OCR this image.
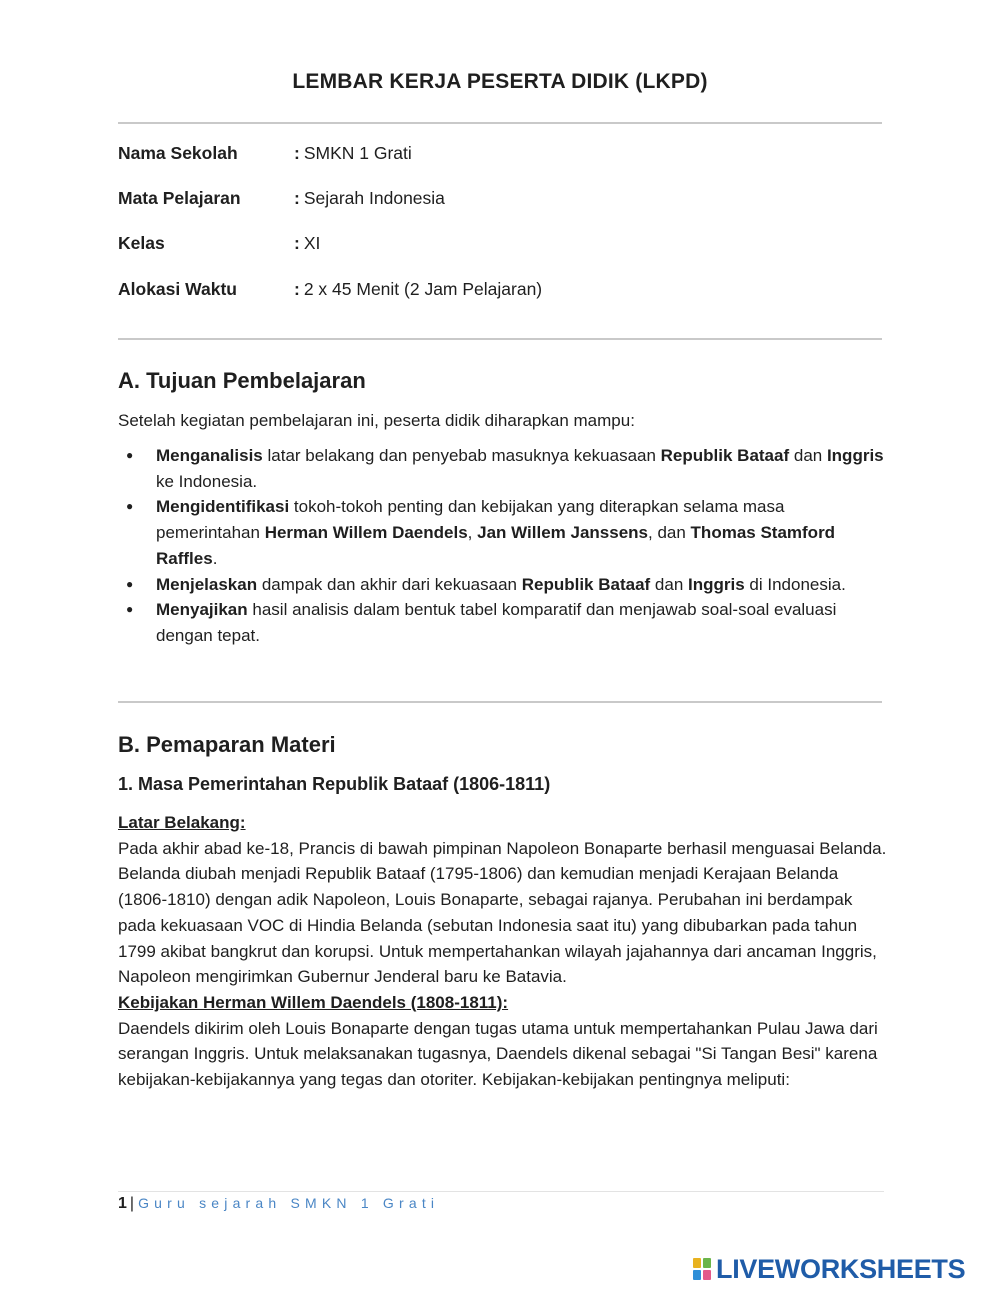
LEMBAR KERJA PESERTA DIDIK (LKPD)
Nama Sekolah	: SMKN 1 Grati
Mata Pelajaran	: Sejarah Indonesia
Kelas	: XI
Alokasi Waktu	: 2 x 45 Menit (2 Jam Pelajaran)
A. Tujuan Pembelajaran
Setelah kegiatan pembelajaran ini, peserta didik diharapkan mampu:
● Menganalisis latar belakang dan penyebab masuknya kekuasaan Republik Bataaf dan Inggris ke Indonesia.
● Mengidentifikasi tokoh-tokoh penting dan kebijakan yang diterapkan selama masa pemerintahan Herman Willem Daendels, Jan Willem Janssens, dan Thomas Stamford Raffles.
● Menjelaskan dampak dan akhir dari kekuasaan Republik Bataaf dan Inggris di Indonesia.
● Menyajikan hasil analisis dalam bentuk tabel komparatif dan menjawab soal-soal evaluasi dengan tepat.
B. Pemaparan Materi
1. Masa Pemerintahan Republik Bataaf (1806-1811)
Latar Belakang:
Pada akhir abad ke-18, Prancis di bawah pimpinan Napoleon Bonaparte berhasil menguasai Belanda. Belanda diubah menjadi Republik Bataaf (1795-1806) dan kemudian menjadi Kerajaan Belanda (1806-1810) dengan adik Napoleon, Louis Bonaparte, sebagai rajanya. Perubahan ini berdampak pada kekuasaan VOC di Hindia Belanda (sebutan Indonesia saat itu) yang dibubarkan pada tahun 1799 akibat bangkrut dan korupsi. Untuk mempertahankan wilayah jajahannya dari ancaman Inggris, Napoleon mengirimkan Gubernur Jenderal baru ke Batavia.
Kebijakan Herman Willem Daendels (1808-1811):
Daendels dikirim oleh Louis Bonaparte dengan tugas utama untuk mempertahankan Pulau Jawa dari serangan Inggris. Untuk melaksanakan tugasnya, Daendels dikenal sebagai "Si Tangan Besi" karena kebijakan-kebijakannya yang tegas dan otoriter. Kebijakan-kebijakan pentingnya meliputi:
1 | Guru sejarah SMKN 1 Grati
LIVEWORKSHEETS
